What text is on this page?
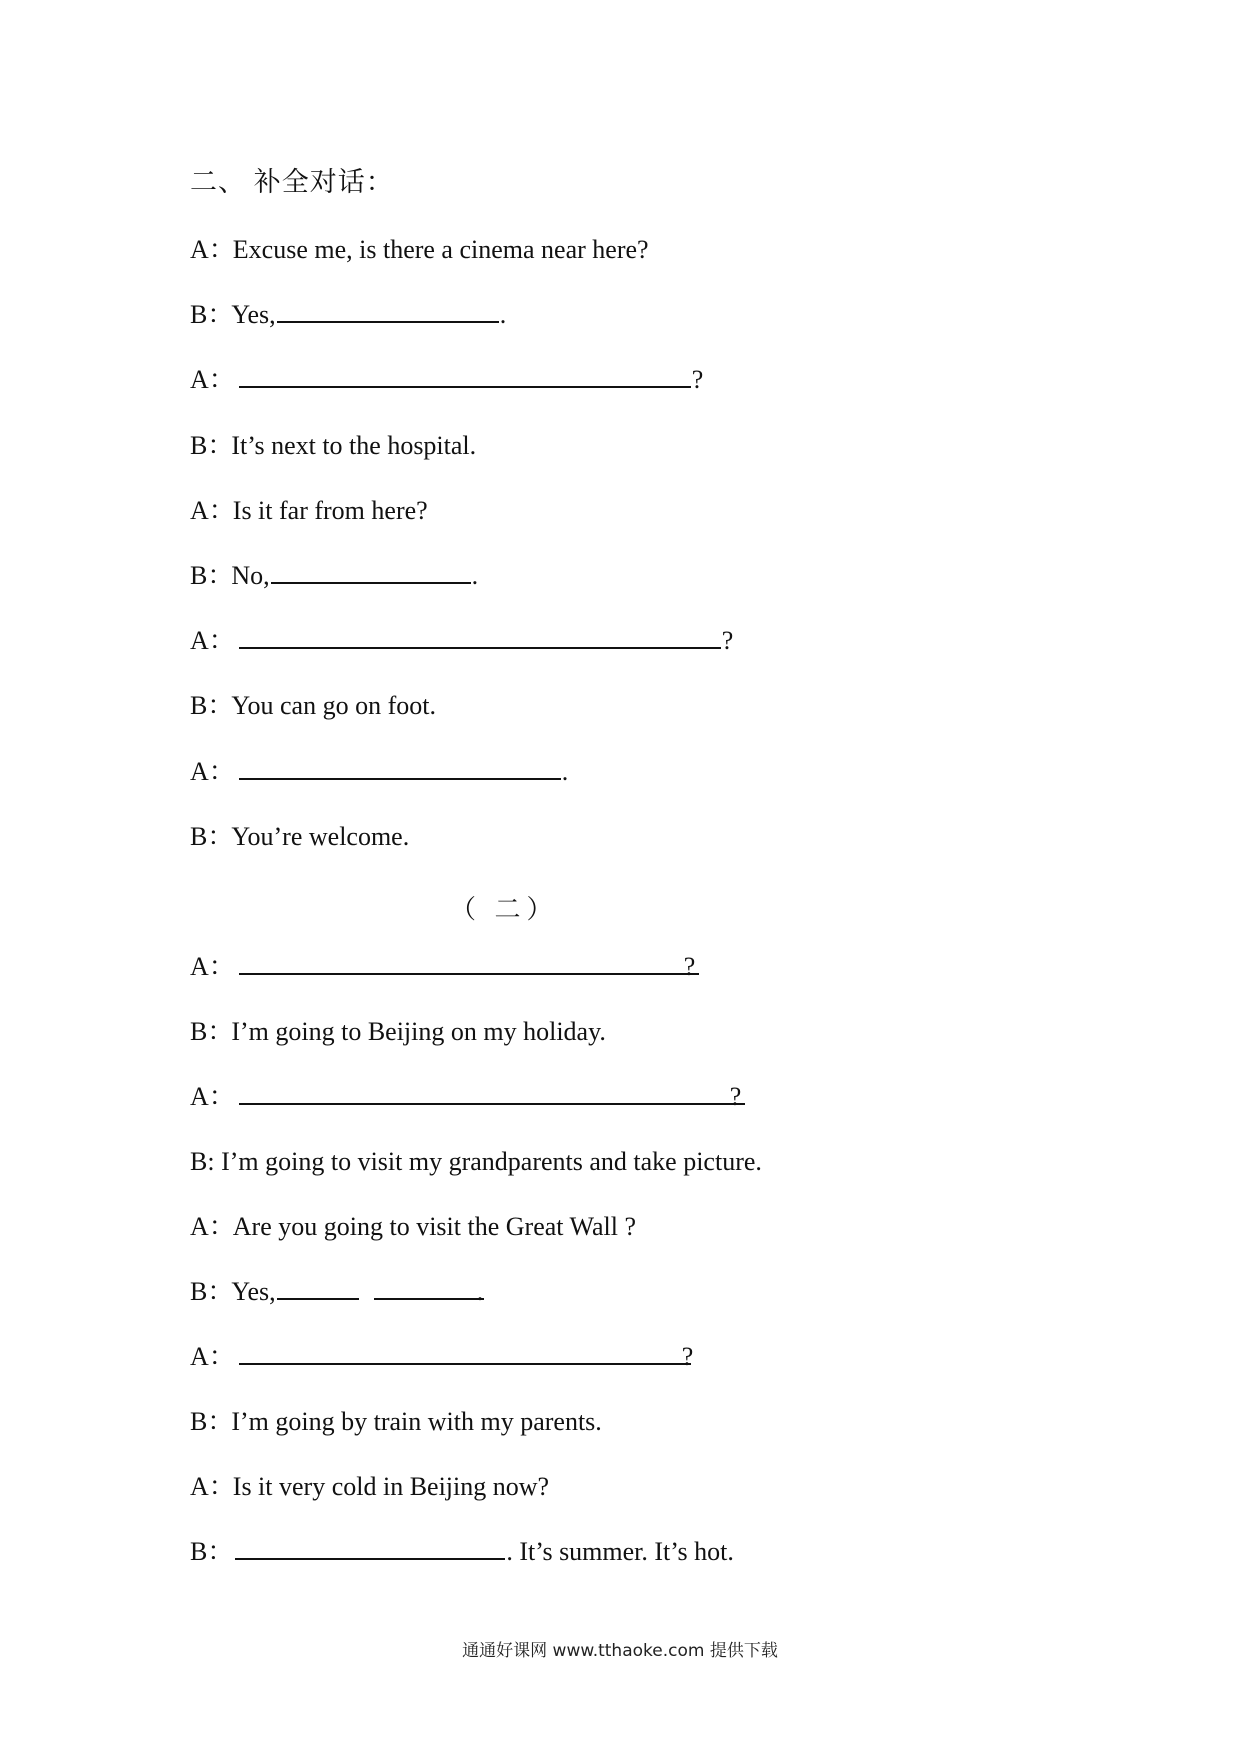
二、 补全对话：
A：Excuse me, is there a cinema near here?
B：Yes,	.
A：	?
B：It’s next to the hospital.
A：Is it far from here?
B：No,	.
A：	?
B：You can go on foot.
A：	.
B：You’re welcome.
（ 二）
A：	?
B：I’m going to Beijing on my holiday.
A：	?
B: I’m going to visit my grandparents and take picture.
A：Are you going to visit the Great Wall ?
B：Yes,	.
A：	?
B：I’m going by train with my parents.
A：Is it very cold in Beijing now?
B：	. It’s summer. It’s hot.
通通好课网 www.tthaoke.com 提供下载
